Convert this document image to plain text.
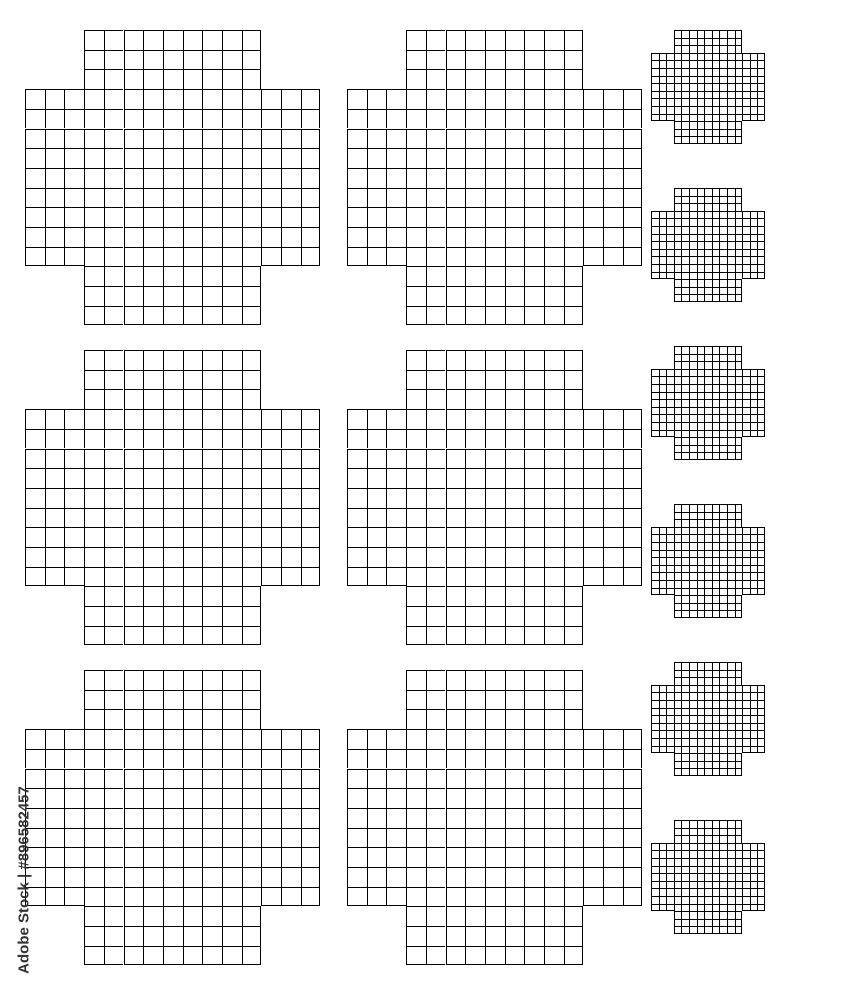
Adobe Stock | #896582457
